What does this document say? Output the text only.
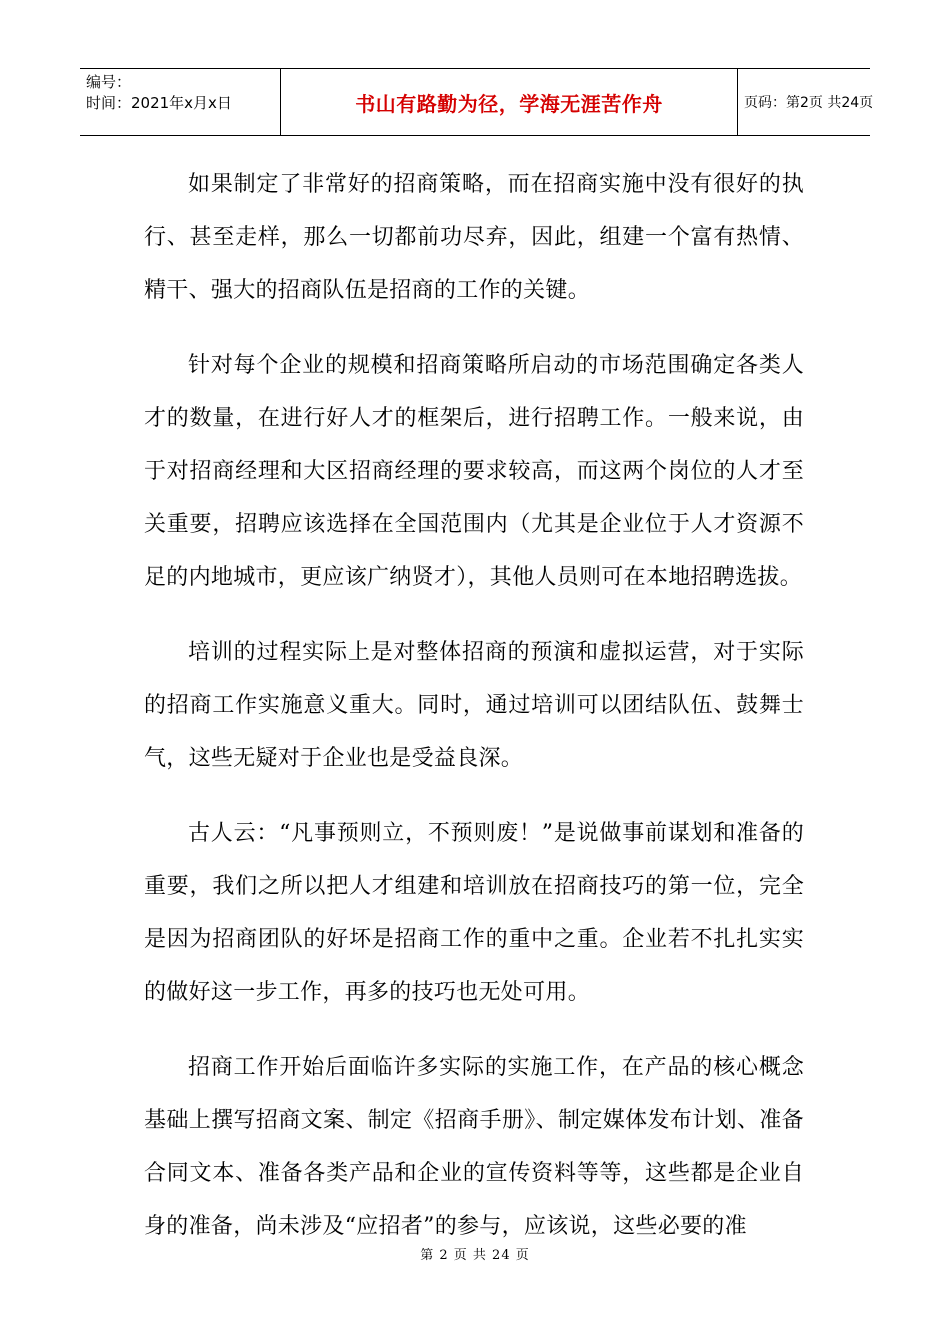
编号：
时间：2021年x月x日	书山有路勤为径，学海无涯苦作舟	页码：第2页 共24页

如果制定了非常好的招商策略，而在招商实施中没有很好的执行、甚至走样，那么一切都前功尽弃，因此，组建一个富有热情、精干、强大的招商队伍是招商的工作的关键。

针对每个企业的规模和招商策略所启动的市场范围确定各类人才的数量，在进行好人才的框架后，进行招聘工作。一般来说，由于对招商经理和大区招商经理的要求较高，而这两个岗位的人才至关重要，招聘应该选择在全国范围内（尤其是企业位于人才资源不足的内地城市，更应该广纳贤才），其他人员则可在本地招聘选拔。

培训的过程实际上是对整体招商的预演和虚拟运营，对于实际的招商工作实施意义重大。同时，通过培训可以团结队伍、鼓舞士气，这些无疑对于企业也是受益良深。

古人云：“凡事预则立，不预则废！”是说做事前谋划和准备的重要，我们之所以把人才组建和培训放在招商技巧的第一位，完全是因为招商团队的好坏是招商工作的重中之重。企业若不扎扎实实的做好这一步工作，再多的技巧也无处可用。

招商工作开始后面临许多实际的实施工作，在产品的核心概念基础上撰写招商文案、制定《招商手册》、制定媒体发布计划、准备合同文本、准备各类产品和企业的宣传资料等等，这些都是企业自身的准备，尚未涉及“应招者”的参与，应该说，这些必要的准

第 2 页 共 24 页
